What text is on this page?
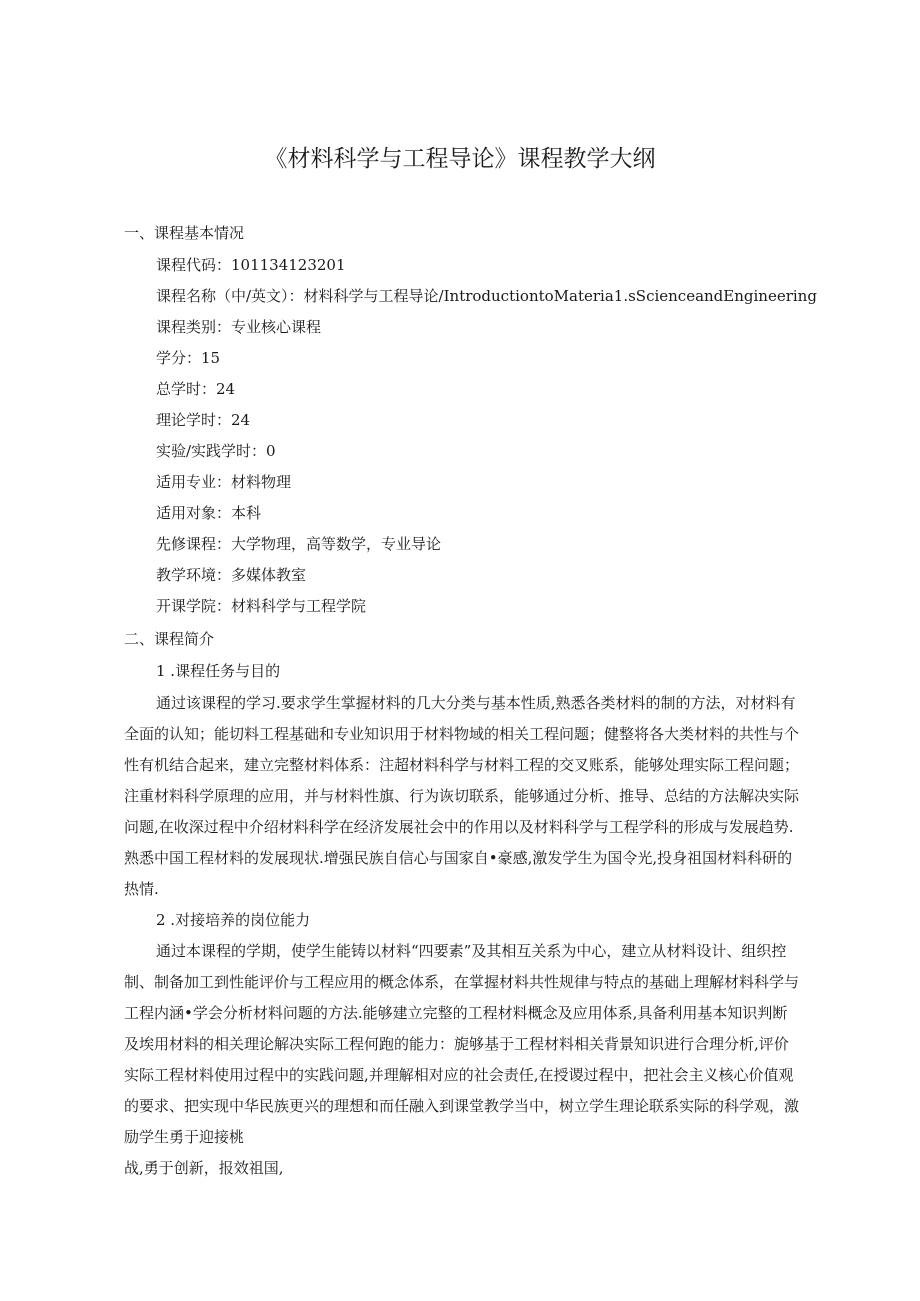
《材料科学与工程导论》课程教学大纲
一、课程基本情况
课程代码：101134123201
课程名称（中/英文）：材料科学与工程导论/IntroductiontoMateria1.sScienceandEngineering
课程类别：专业核心课程
学分：15
总学时：24
理论学时：24
实验/实践学时：0
适用专业：材料物理
适用对象：本科
先修课程：大学物理，高等数学，专业导论
教学环境：多媒体教室
开课学院：材料科学与工程学院
二、课程简介
1 .课程任务与目的
通过该课程的学习.要求学生掌握材料的几大分类与基本性质,熟悉各类材料的制的方法，对材料有
全面的认知；能切料工程基础和专业知识用于材料物域的相关工程问题；健整将各大类材料的共性与个
性有机结合起来，建立完整材料体系：注超材料科学与材料工程的交叉账系，能够处理实际工程问题；
注重材料科学原理的应用，并与材料性旗、行为诙切联系，能够通过分析、推导、总结的方法解决实际
问题,在收深过程中介绍材料科学在经济发展社会中的作用以及材料科学与工程学科的形成与发展趋势.
熟悉中国工程材料的发展现状.增强民族自信心与国家自•豪感,激发学生为国令光,投身祖国材料科研的
热情.
2 .对接培养的岗位能力
通过本课程的学期，使学生能铸以材料“四要素”及其相互关系为中心，建立从材料设计、组织控
制、制备加工到性能评价与工程应用的概念体系，在掌握材料共性规律与特点的基础上理解材料科学与
工程内涵•学会分析材料问题的方法.能够建立完整的工程材料概念及应用体系,具备利用基本知识判断
及埃用材料的相关理论解决实际工程何跑的能力：旎够基于工程材料相关背景知识进行合理分析,评价
实际工程材料使用过程中的实践问题,并理解相对应的社会责任,在授谡过程中，把社会主义核心价值观
的要求、把实现中华民族更兴的理想和而任融入到课堂教学当中，树立学生理论联系实际的科学观，激
励学生勇于迎接桃
战,勇于创新，报效祖国,
